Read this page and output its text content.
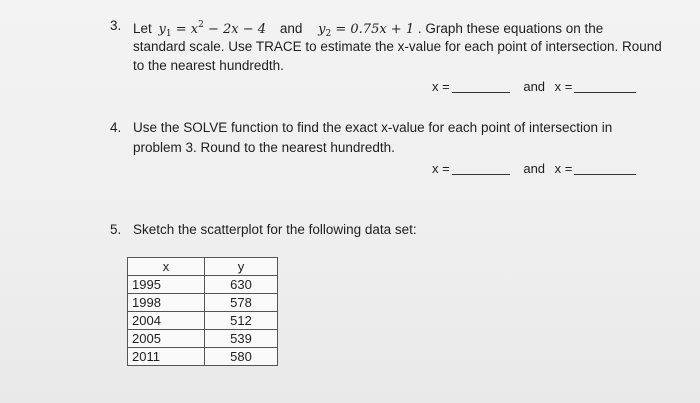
3. Let $y_1 = x^2 - 2x - 4$ and $y_2 = 0.75x + 1$ . Graph these equations on the
standard scale. Use TRACE to estimate the x-value for each point of intersection. Round
to the nearest hundredth.
x =	and x =
4. Use the SOLVE function to find the exact x-value for each point of intersection in
problem 3. Round to the nearest hundredth.
x =	and x =
5. Sketch the scatterplot for the following data set:
x	y
1995	630
1998	578
2004	512
2005	539
2011	580
